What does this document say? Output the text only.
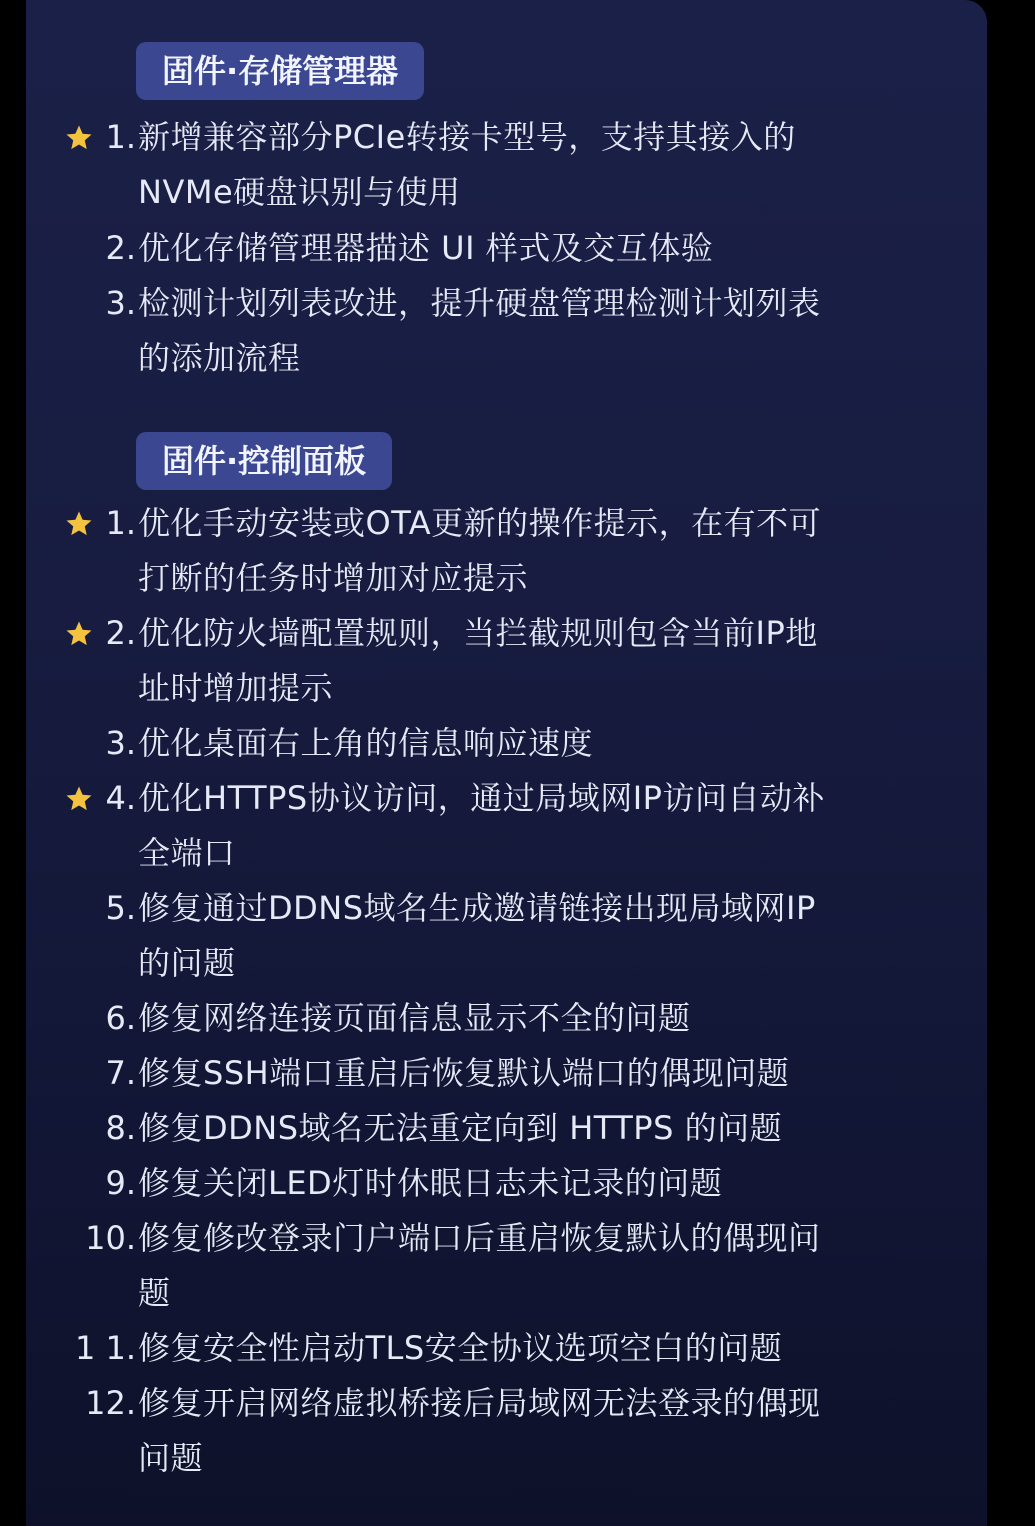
固件·存储管理器
1. 新增兼容部分PCIe转接卡型号，支持其接入的
NVMe硬盘识别与使用
2. 优化存储管理器描述 UI 样式及交互体验
3. 检测计划列表改进，提升硬盘管理检测计划列表
的添加流程
固件·控制面板
1. 优化手动安装或OTA更新的操作提示，在有不可
打断的任务时增加对应提示
2. 优化防火墙配置规则，当拦截规则包含当前IP地
址时增加提示
3. 优化桌面右上角的信息响应速度
4. 优化HTTPS协议访问，通过局域网IP访问自动补
全端口
5. 修复通过DDNS域名生成邀请链接出现局域网IP
的问题
6. 修复网络连接页面信息显示不全的问题
7. 修复SSH端口重启后恢复默认端口的偶现问题
8. 修复DDNS域名无法重定向到 HTTPS 的问题
9. 修复关闭LED灯时休眠日志未记录的问题
10. 修复修改登录门户端口后重启恢复默认的偶现问
题
1 1. 修复安全性启动TLS安全协议选项空白的问题
12. 修复开启网络虚拟桥接后局域网无法登录的偶现
问题
